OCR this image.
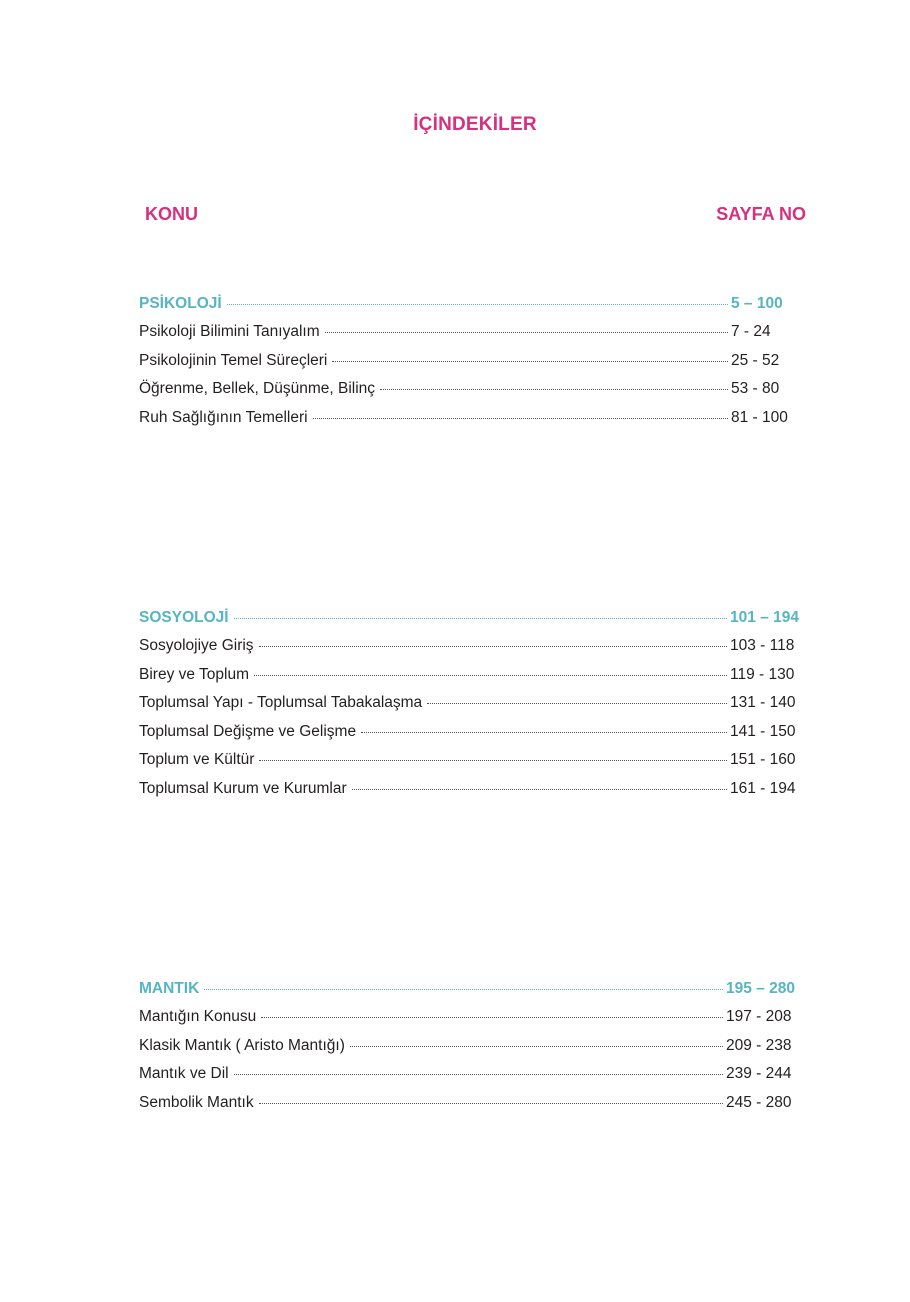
İÇİNDEKİLER
KONU	SAYFA NO
PSİKOLOJİ	5 – 100
Psikoloji Bilimini Tanıyalım	7 - 24
Psikolojinin Temel Süreçleri	25 - 52
Öğrenme, Bellek, Düşünme, Bilinç	53 - 80
Ruh Sağlığının Temelleri	81 - 100
SOSYOLOJİ	101 – 194
Sosyolojiye Giriş	103 - 118
Birey ve Toplum	119 - 130
Toplumsal Yapı - Toplumsal Tabakalaşma	131 - 140
Toplumsal Değişme ve Gelişme	141 - 150
Toplum ve Kültür	151 - 160
Toplumsal Kurum ve Kurumlar	161 - 194
MANTIK	195 – 280
Mantığın Konusu	197 - 208
Klasik Mantık ( Aristo Mantığı)	209 - 238
Mantık ve Dil	239 - 244
Sembolik Mantık	245 - 280
